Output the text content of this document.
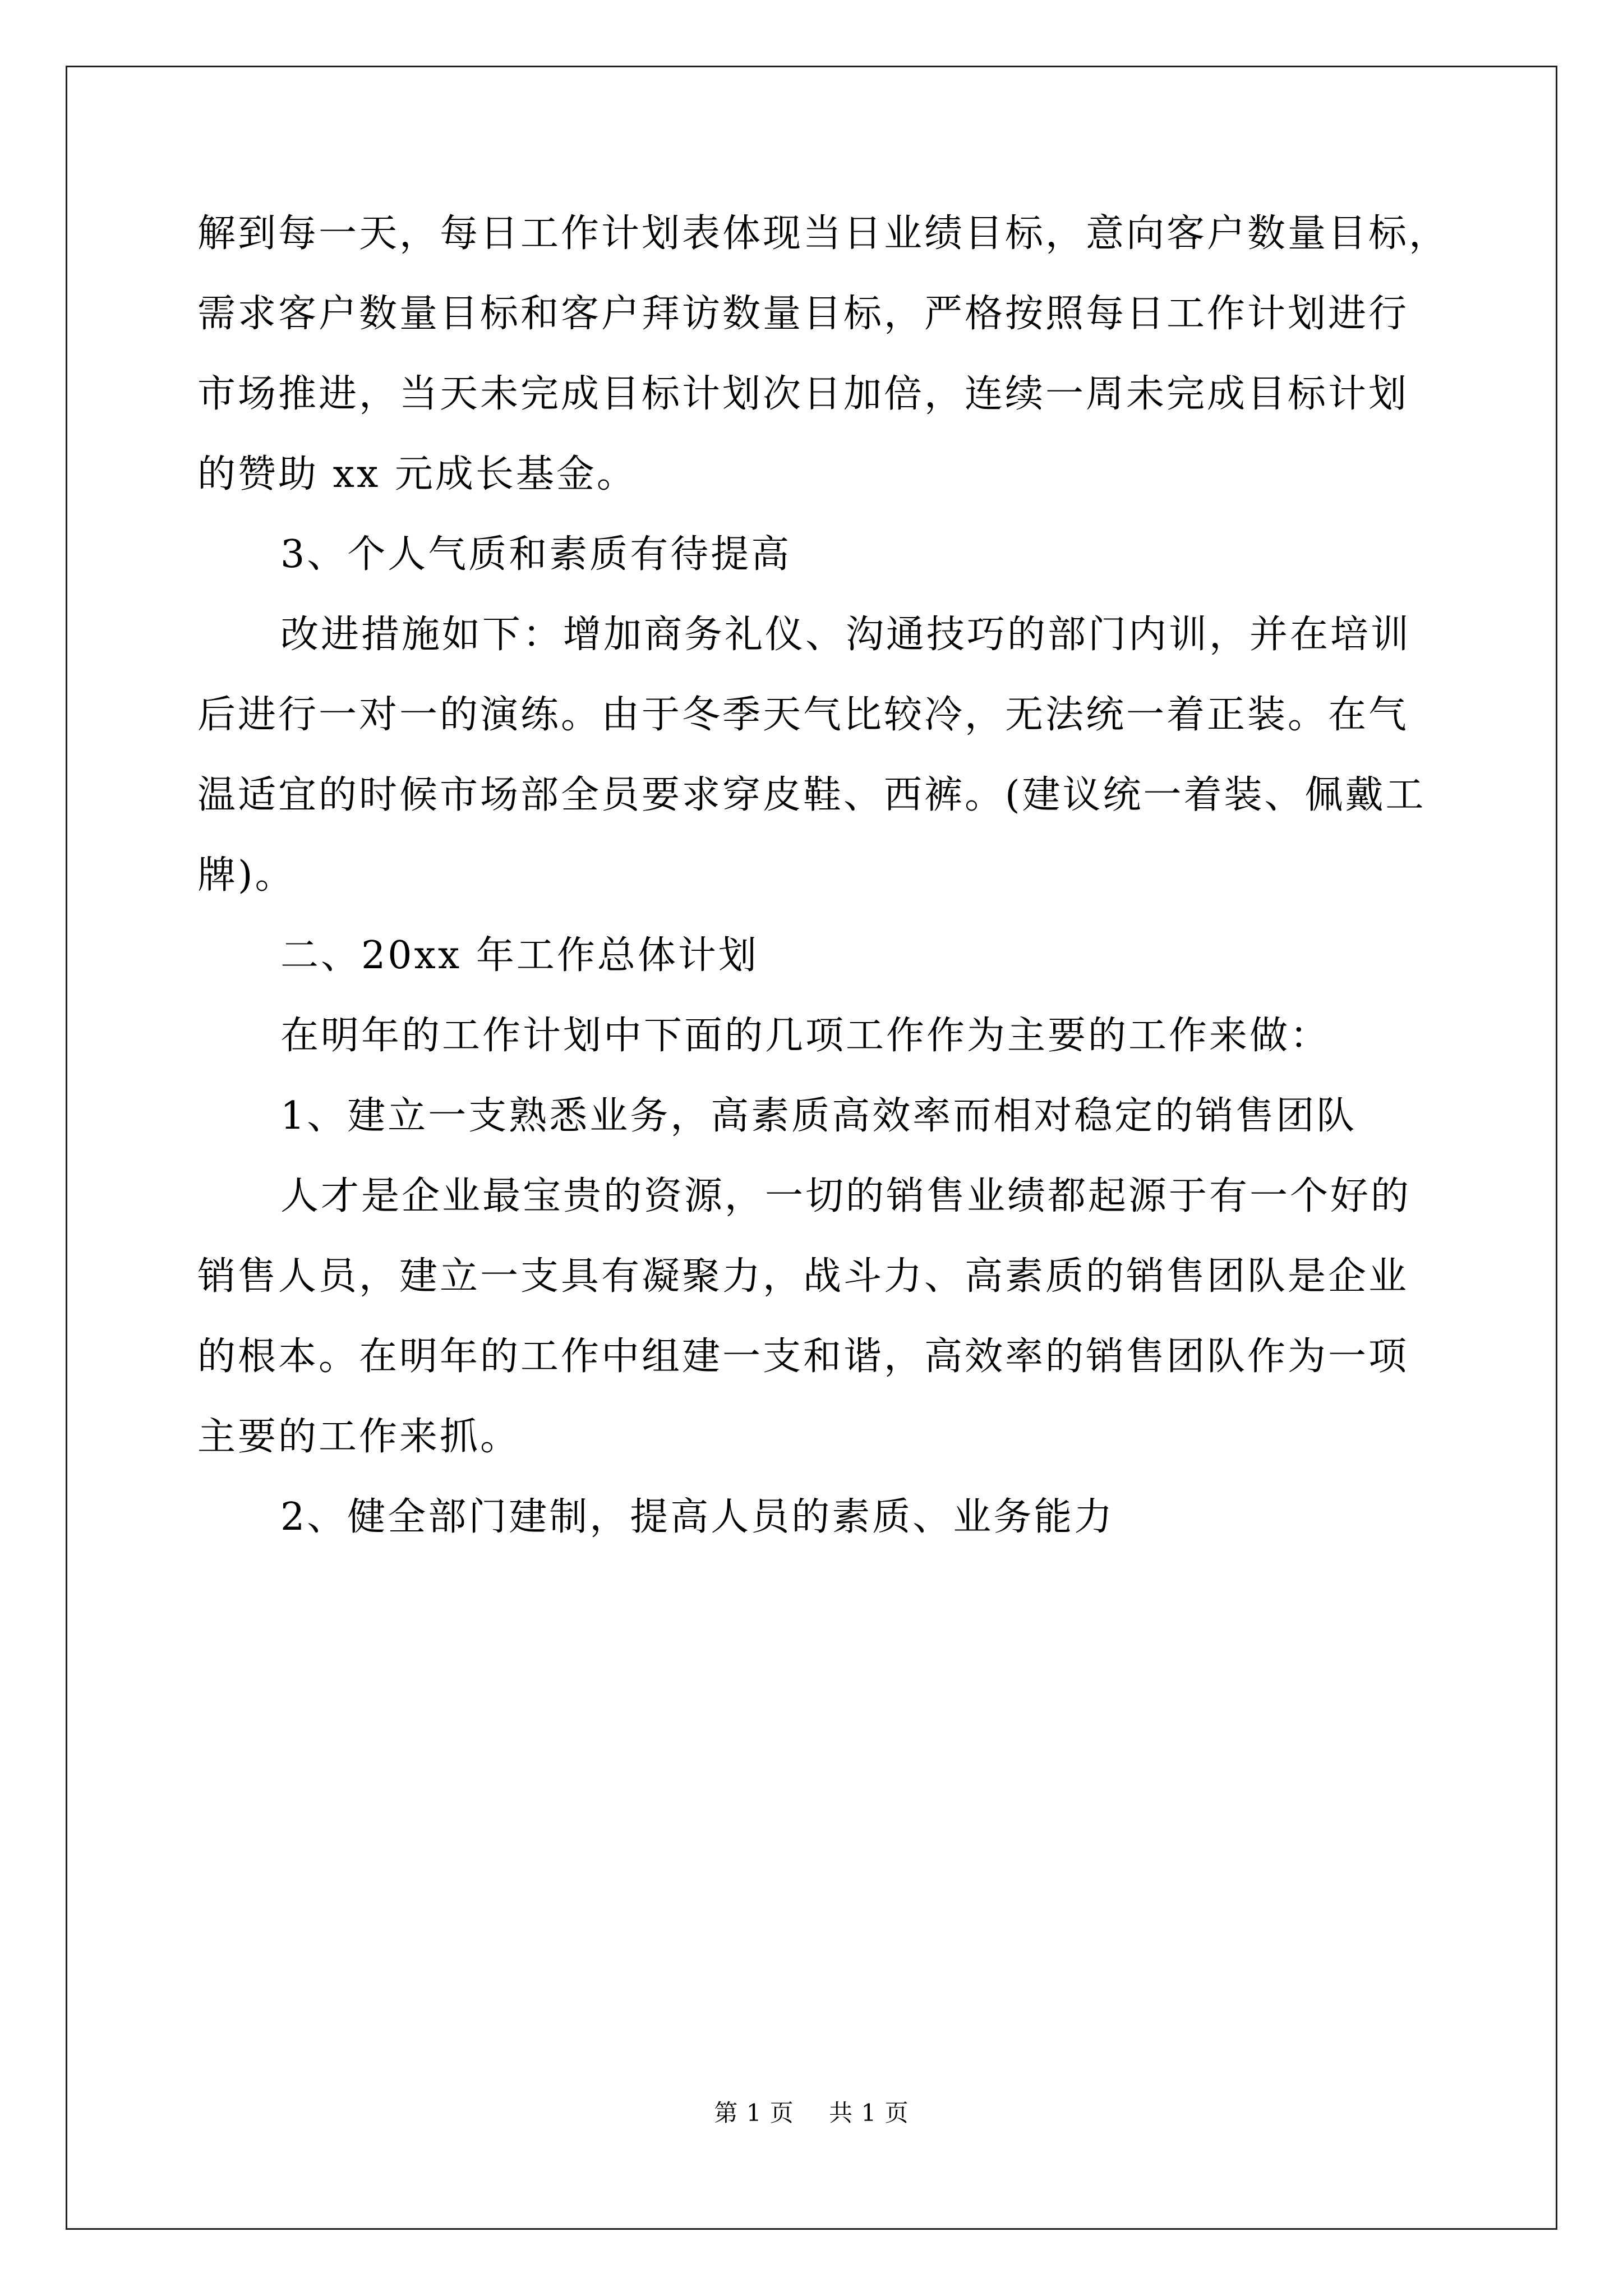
解到每一天，每日工作计划表体现当日业绩目标，意向客户数量目标，
需求客户数量目标和客户拜访数量目标，严格按照每日工作计划进行
市场推进，当天未完成目标计划次日加倍，连续一周未完成目标计划
的赞助 xx 元成长基金。
3、个人气质和素质有待提高
改进措施如下：增加商务礼仪、沟通技巧的部门内训，并在培训
后进行一对一的演练。由于冬季天气比较冷，无法统一着正装。在气
温适宜的时候市场部全员要求穿皮鞋、西裤。(建议统一着装、佩戴工
牌)。
二、20xx 年工作总体计划
在明年的工作计划中下面的几项工作作为主要的工作来做：
1、建立一支熟悉业务，高素质高效率而相对稳定的销售团队
人才是企业最宝贵的资源，一切的销售业绩都起源于有一个好的
销售人员，建立一支具有凝聚力，战斗力、高素质的销售团队是企业
的根本。在明年的工作中组建一支和谐，高效率的销售团队作为一项
主要的工作来抓。
2、健全部门建制，提高人员的素质、业务能力
第 1 页 共 1 页
